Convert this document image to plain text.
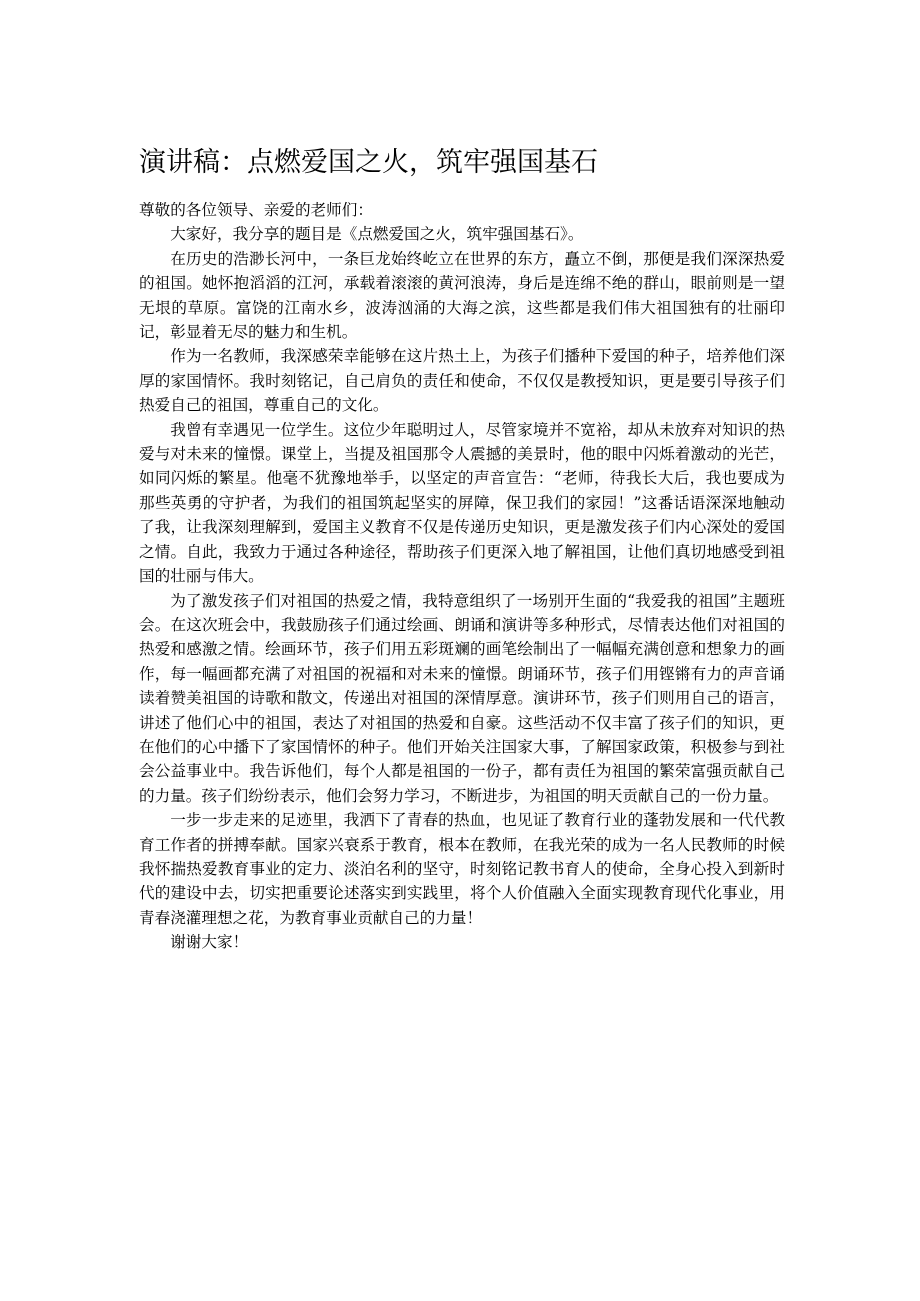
演讲稿：点燃爱国之火，筑牢强国基石

尊敬的各位领导、亲爱的老师们：

大家好，我分享的题目是《点燃爱国之火，筑牢强国基石》。

在历史的浩渺长河中，一条巨龙始终屹立在世界的东方，矗立不倒，那便是我们深深热爱的祖国。她怀抱滔滔的江河，承载着滚滚的黄河浪涛，身后是连绵不绝的群山，眼前则是一望无垠的草原。富饶的江南水乡，波涛汹涌的大海之滨，这些都是我们伟大祖国独有的壮丽印记，彰显着无尽的魅力和生机。

作为一名教师，我深感荣幸能够在这片热土上，为孩子们播种下爱国的种子，培养他们深厚的家国情怀。我时刻铭记，自己肩负的责任和使命，不仅仅是教授知识，更是要引导孩子们热爱自己的祖国，尊重自己的文化。

我曾有幸遇见一位学生。这位少年聪明过人，尽管家境并不宽裕，却从未放弃对知识的热爱与对未来的憧憬。课堂上，当提及祖国那令人震撼的美景时，他的眼中闪烁着激动的光芒，如同闪烁的繁星。他毫不犹豫地举手，以坚定的声音宣告：“老师，待我长大后，我也要成为那些英勇的守护者，为我们的祖国筑起坚实的屏障，保卫我们的家园！”这番话语深深地触动了我，让我深刻理解到，爱国主义教育不仅是传递历史知识，更是激发孩子们内心深处的爱国之情。自此，我致力于通过各种途径，帮助孩子们更深入地了解祖国，让他们真切地感受到祖国的壮丽与伟大。

为了激发孩子们对祖国的热爱之情，我特意组织了一场别开生面的“我爱我的祖国”主题班会。在这次班会中，我鼓励孩子们通过绘画、朗诵和演讲等多种形式，尽情表达他们对祖国的热爱和感激之情。绘画环节，孩子们用五彩斑斓的画笔绘制出了一幅幅充满创意和想象力的画作，每一幅画都充满了对祖国的祝福和对未来的憧憬。朗诵环节，孩子们用铿锵有力的声音诵读着赞美祖国的诗歌和散文，传递出对祖国的深情厚意。演讲环节，孩子们则用自己的语言，讲述了他们心中的祖国，表达了对祖国的热爱和自豪。这些活动不仅丰富了孩子们的知识，更在他们的心中播下了家国情怀的种子。他们开始关注国家大事，了解国家政策，积极参与到社会公益事业中。我告诉他们，每个人都是祖国的一份子，都有责任为祖国的繁荣富强贡献自己的力量。孩子们纷纷表示，他们会努力学习，不断进步，为祖国的明天贡献自己的一份力量。

一步一步走来的足迹里，我洒下了青春的热血，也见证了教育行业的蓬勃发展和一代代教育工作者的拼搏奉献。国家兴衰系于教育，根本在教师，在我光荣的成为一名人民教师的时候我怀揣热爱教育事业的定力、淡泊名利的坚守，时刻铭记教书育人的使命，全身心投入到新时代的建设中去，切实把重要论述落实到实践里，将个人价值融入全面实现教育现代化事业，用青春浇灌理想之花，为教育事业贡献自己的力量！

谢谢大家！
